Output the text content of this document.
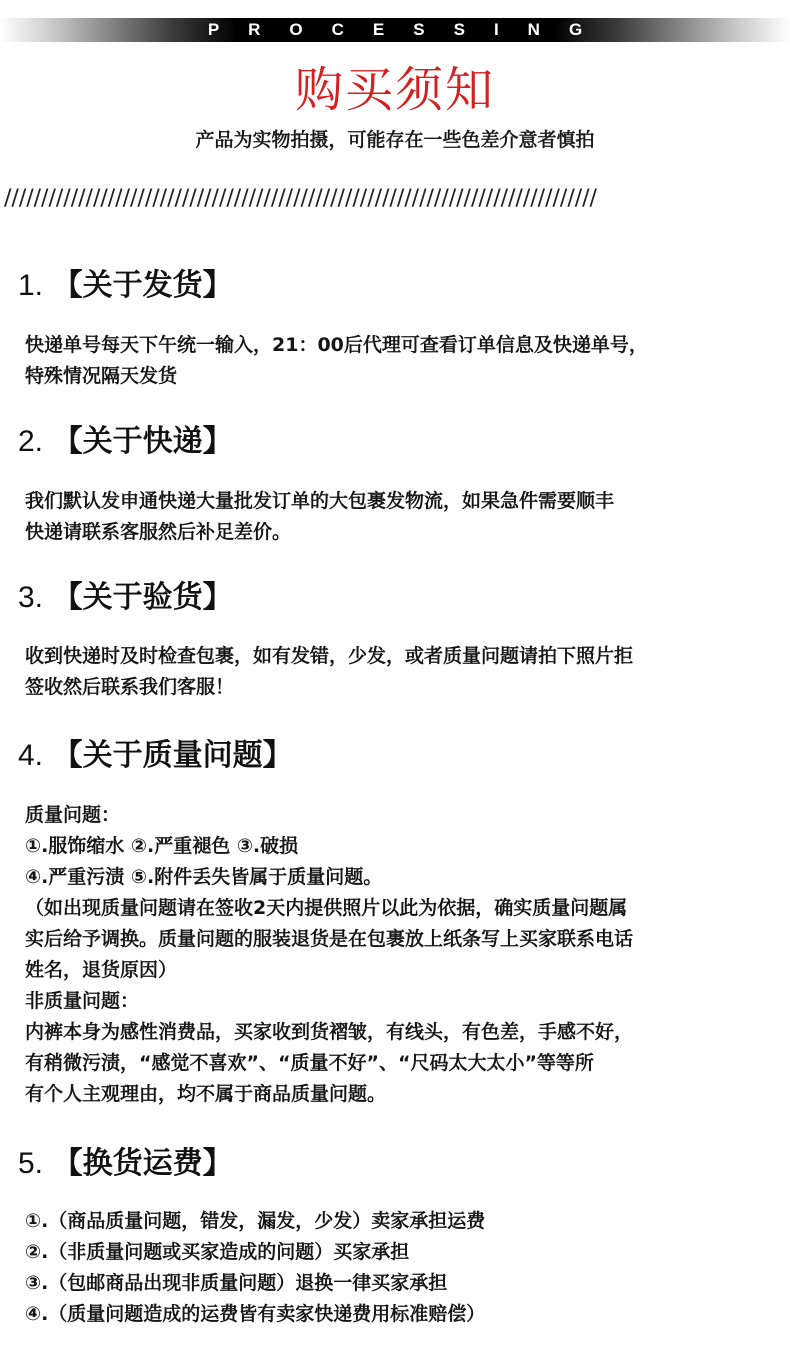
PROCESSING
购买须知
产品为实物拍摄，可能存在一些色差介意者慎拍
////////////////////////////////////////////////////////////////////////////////
1. 【关于发货】
快递单号每天下午统一输入，21：00后代理可查看订单信息及快递单号，
特殊情况隔天发货
2. 【关于快递】
我们默认发申通快递大量批发订单的大包裹发物流，如果急件需要顺丰
快递请联系客服然后补足差价。
3. 【关于验货】
收到快递时及时检查包裹，如有发错，少发，或者质量问题请拍下照片拒
签收然后联系我们客服！
4. 【关于质量问题】
质量问题：
①.服饰缩水 ②.严重褪色 ③.破损
④.严重污渍 ⑤.附件丢失皆属于质量问题。
（如出现质量问题请在签收2天内提供照片以此为依据，确实质量问题属
实后给予调换。质量问题的服装退货是在包裹放上纸条写上买家联系电话
姓名，退货原因）
非质量问题：
内裤本身为感性消费品，买家收到货褶皱，有线头，有色差，手感不好，
有稍微污渍，“感觉不喜欢”、“质量不好”、“尺码太大太小”等等所
有个人主观理由，均不属于商品质量问题。
5. 【换货运费】
①.（商品质量问题，错发，漏发，少发）卖家承担运费
②.（非质量问题或买家造成的问题）买家承担
③.（包邮商品出现非质量问题）退换一律买家承担
④.（质量问题造成的运费皆有卖家快递费用标准赔偿）
